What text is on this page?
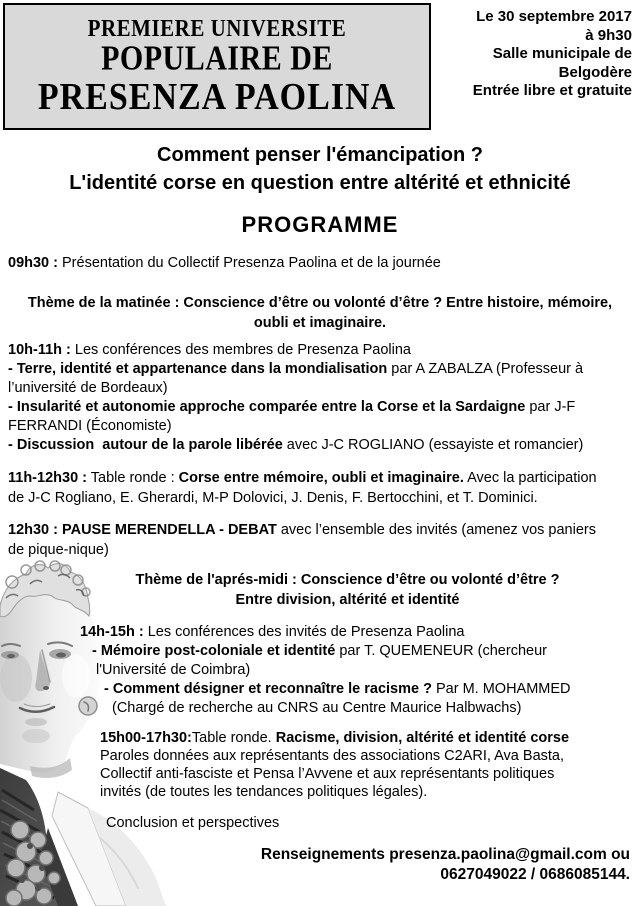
PREMIERE UNIVERSITE
POPULAIRE DE
PRESENZA PAOLINA
Le 30 septembre 2017
à 9h30
Salle municipale de
Belgodère
Entrée libre et gratuite
Comment penser l'émancipation ?
L'identité corse en question entre altérité et ethnicité
PROGRAMME
09h30 : Présentation du Collectif Presenza Paolina et de la journée
Thème de la matinée : Conscience d’être ou volonté d’être ? Entre histoire, mémoire,
oubli et imaginaire.
10h-11h : Les conférences des membres de Presenza Paolina
- Terre, identité et appartenance dans la mondialisation par A ZABALZA (Professeur à
l’université de Bordeaux)
- Insularité et autonomie approche comparée entre la Corse et la Sardaigne par J-F
FERRANDI (Économiste)
- Discussion  autour de la parole libérée avec J-C ROGLIANO (essayiste et romancier)
11h-12h30 : Table ronde : Corse entre mémoire, oubli et imaginaire. Avec la participation
de J-C Rogliano, E. Gherardi, M-P Dolovici, J. Denis, F. Bertocchini, et T. Dominici.
12h30 : PAUSE MERENDELLA - DEBAT avec l’ensemble des invités (amenez vos paniers
de pique-nique)
Thème de l'aprés-midi : Conscience d’être ou volonté d’être ?
Entre division, altérité et identité
14h-15h : Les conférences des invités de Presenza Paolina
- Mémoire post-coloniale et identité par T. QUEMENEUR (chercheur
l'Université de Coimbra)
- Comment désigner et reconnaître le racisme ? Par M. MOHAMMED
(Chargé de recherche au CNRS au Centre Maurice Halbwachs)
15h00-17h30:Table ronde. Racisme, division, altérité et identité corse
Paroles données aux représentants des associations C2ARI, Ava Basta,
Collectif anti-fasciste et Pensa l’Avvene et aux représentants politiques
invités (de toutes les tendances politiques légales).
Conclusion et perspectives
Renseignements presenza.paolina@gmail.com ou
0627049022 / 0686085144.
